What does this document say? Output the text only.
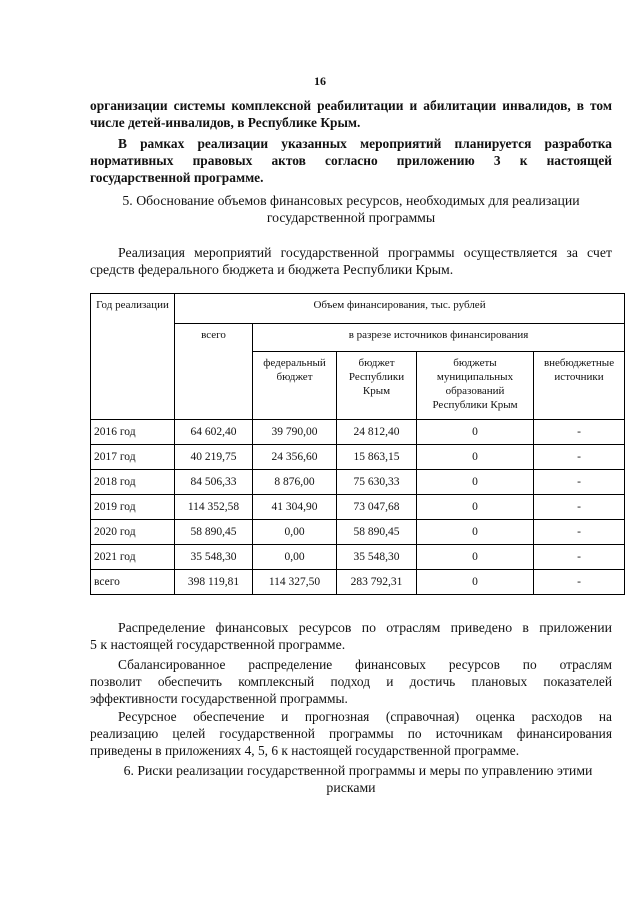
16
организации системы комплексной реабилитации и абилитации инвалидов, в том
числе детей-инвалидов, в Республике Крым.
В рамках реализации указанных мероприятий планируется разработка
нормативных правовых актов согласно приложению 3 к настоящей
государственной программе.
5. Обоснование объемов финансовых ресурсов, необходимых для реализации
государственной программы
Реализация мероприятий государственной программы осуществляется за счет
средств федерального бюджета и бюджета Республики Крым.
Год реализации	Объем финансирования, тыс. рублей				
	всего	в разрезе источников финансирования			
		федеральный бюджет	бюджет Республики Крым	бюджеты муниципальных образований Республики Крым	внебюджетные источники
2016 год	64 602,40	39 790,00	24 812,40	0	-
2017 год	40 219,75	24 356,60	15 863,15	0	-
2018 год	84 506,33	8 876,00	75 630,33	0	-
2019 год	114 352,58	41 304,90	73 047,68	0	-
2020 год	58 890,45	0,00	58 890,45	0	-
2021 год	35 548,30	0,00	35 548,30	0	-
всего	398 119,81	114 327,50	283 792,31	0	-
Распределение финансовых ресурсов по отраслям приведено в приложении
5 к настоящей государственной программе.
Сбалансированное распределение финансовых ресурсов по отраслям
позволит обеспечить комплексный подход и достичь плановых показателей
эффективности государственной программы.
Ресурсное обеспечение и прогнозная (справочная) оценка расходов на
реализацию целей государственной программы по источникам финансирования
приведены в приложениях 4, 5, 6 к настоящей государственной программе.
6. Риски реализации государственной программы и меры по управлению этими
рисками
